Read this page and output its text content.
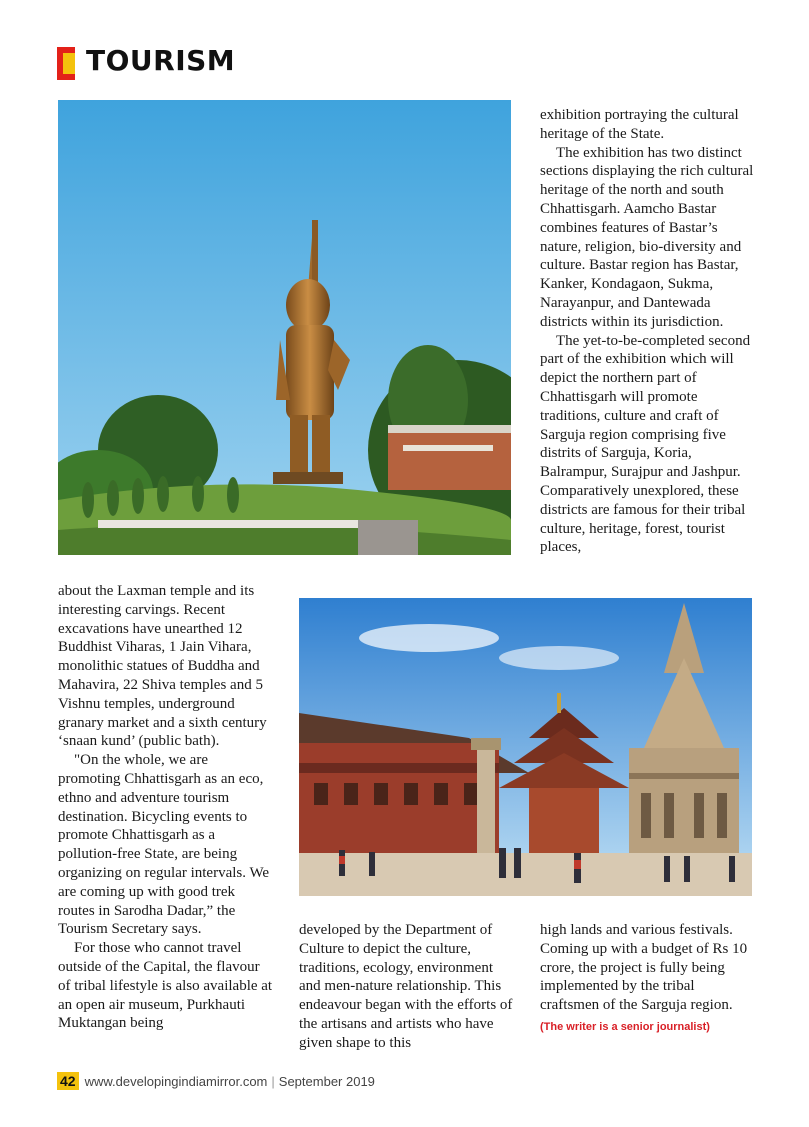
TOURISM

exhibition portraying the cultural heritage of the State.

The exhibition has two distinct sections displaying the rich cultural heritage of the north and south Chhattisgarh. Aamcho Bastar combines features of Bastar’s nature, religion, bio-diversity and culture. Bastar region has Bastar, Kanker, Kondagaon, Sukma, Narayanpur, and Dantewada districts within its jurisdiction.

The yet-to-be-completed second part of the exhibition which will depict the northern part of Chhattisgarh will promote traditions, culture and craft of Sarguja region comprising five distrits of Sarguja, Koria, Balrampur, Surajpur and Jashpur. Comparatively unexplored, these districts are famous for their tribal culture, heritage, forest, tourist places,

about the Laxman temple and its interesting carvings. Recent excavations have unearthed 12 Buddhist Viharas, 1 Jain Vihara, monolithic statues of Buddha and Mahavira, 22 Shiva temples and 5 Vishnu temples, underground granary market and a sixth century ‘snaan kund’ (public bath).

"On the whole, we are promoting Chhattisgarh as an eco, ethno and adventure tourism destination. Bicycling events to promote Chhattisgarh as a pollution-free State, are being organizing on regular intervals. We are coming up with good trek routes in Sarodha Dadar,” the Tourism Secretary says.

For those who cannot travel outside of the Capital, the flavour of tribal lifestyle is also available at an open air museum, Purkhauti Muktangan being

developed by the Department of Culture to depict the culture, traditions, ecology, environment and men-nature relationship. This endeavour began with the efforts of the artisans and artists who have given shape to this

high lands and various festivals. Coming up with a budget of Rs 10 crore, the project is fully being implemented by the tribal craftsmen of the Sarguja region.

(The writer is a senior journalist)

42 www.developingindiamirror.com | September 2019
